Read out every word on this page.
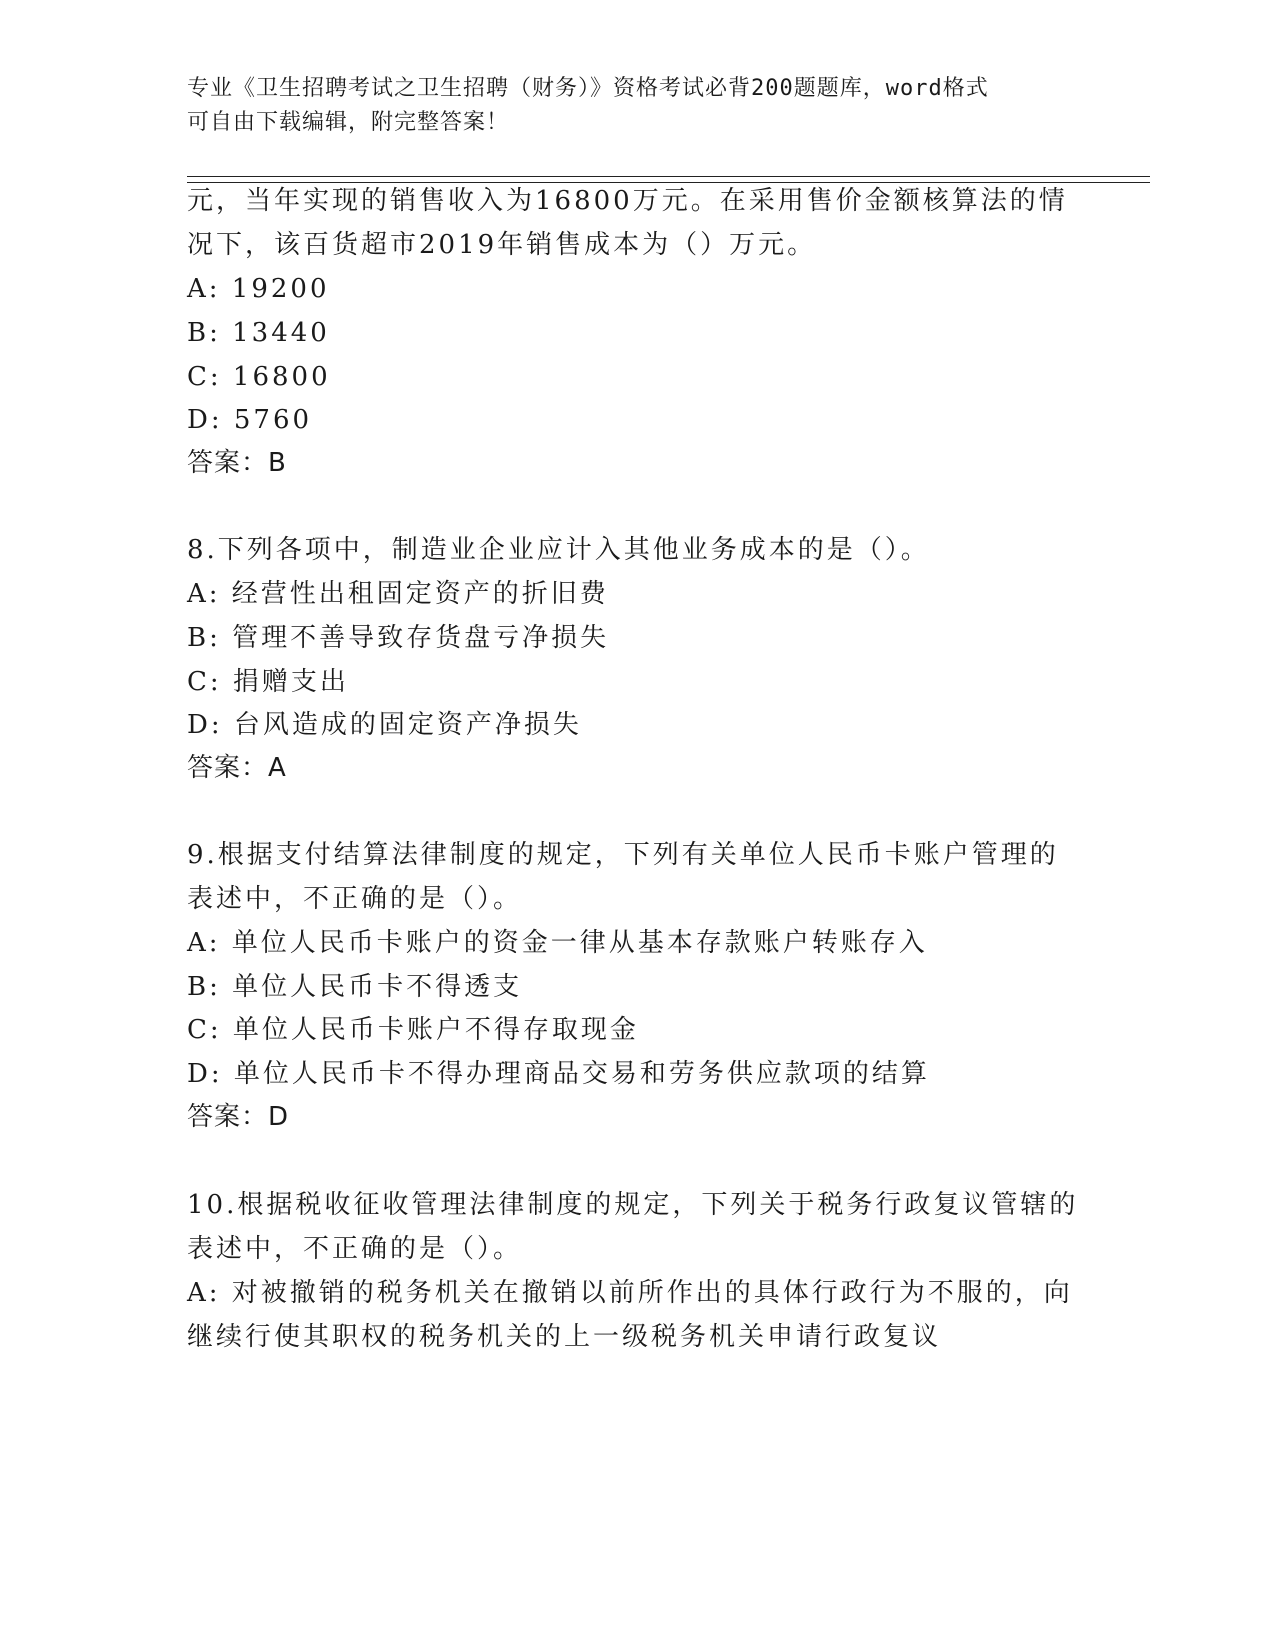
专业《卫生招聘考试之卫生招聘（财务）》资格考试必背200题题库，word格式
可自由下载编辑，附完整答案！
元，当年实现的销售收入为16800万元。在采用售价金额核算法的情
况下，该百货超市2019年销售成本为（）万元。
A: 19200
B: 13440
C: 16800
D: 5760
答案：B
8.下列各项中，制造业企业应计入其他业务成本的是（）。
A: 经营性出租固定资产的折旧费
B: 管理不善导致存货盘亏净损失
C: 捐赠支出
D: 台风造成的固定资产净损失
答案：A
9.根据支付结算法律制度的规定，下列有关单位人民币卡账户管理的
表述中，不正确的是（）。
A: 单位人民币卡账户的资金一律从基本存款账户转账存入
B: 单位人民币卡不得透支
C: 单位人民币卡账户不得存取现金
D: 单位人民币卡不得办理商品交易和劳务供应款项的结算
答案：D
10.根据税收征收管理法律制度的规定，下列关于税务行政复议管辖的
表述中，不正确的是（）。
A: 对被撤销的税务机关在撤销以前所作出的具体行政行为不服的，向
继续行使其职权的税务机关的上一级税务机关申请行政复议
